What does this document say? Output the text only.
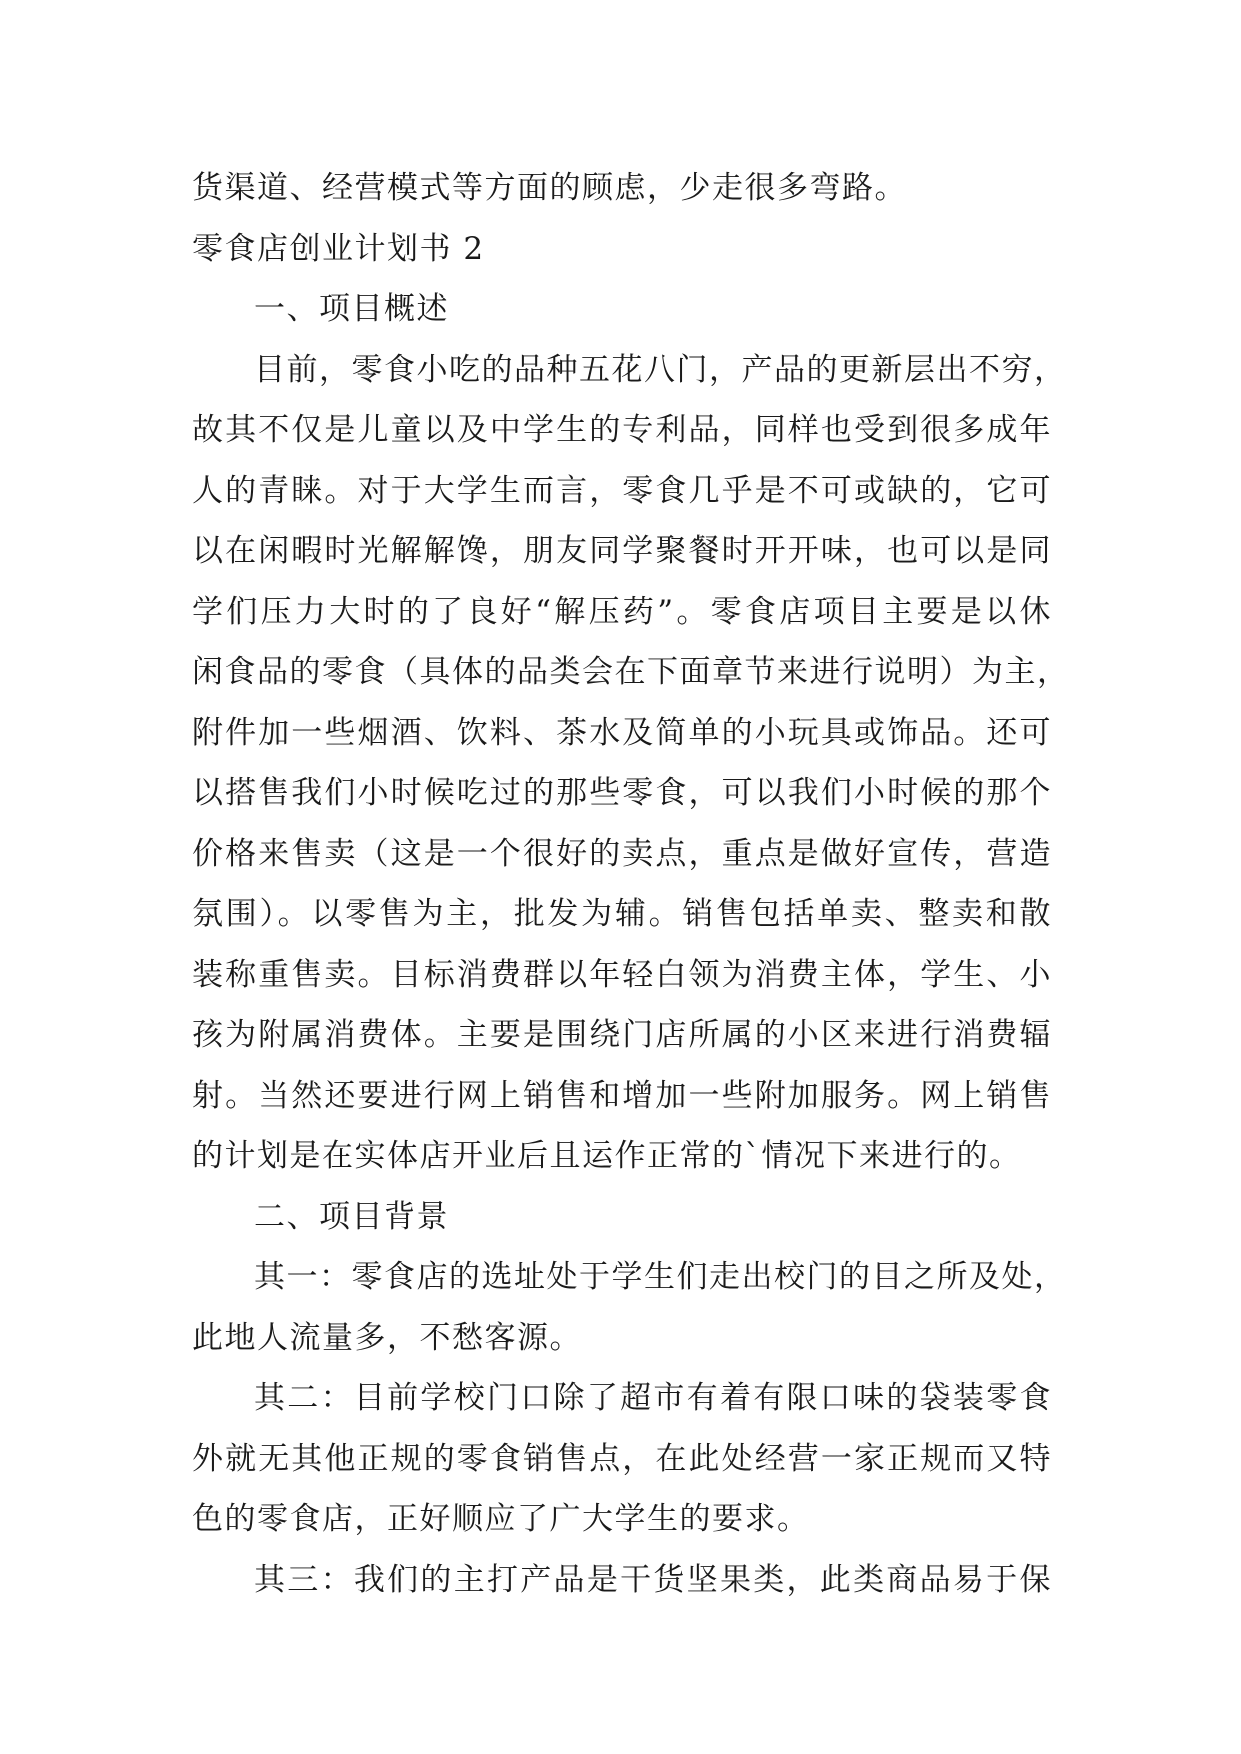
货渠道、经营模式等方面的顾虑，少走很多弯路。
零食店创业计划书 2
一、项目概述
目前，零食小吃的品种五花八门，产品的更新层出不穷，
故其不仅是儿童以及中学生的专利品，同样也受到很多成年
人的青睐。对于大学生而言，零食几乎是不可或缺的，它可
以在闲暇时光解解馋，朋友同学聚餐时开开味，也可以是同
学们压力大时的了良好“解压药”。零食店项目主要是以休
闲食品的零食（具体的品类会在下面章节来进行说明）为主，
附件加一些烟酒、饮料、茶水及简单的小玩具或饰品。还可
以搭售我们小时候吃过的那些零食，可以我们小时候的那个
价格来售卖（这是一个很好的卖点，重点是做好宣传，营造
氛围）。以零售为主，批发为辅。销售包括单卖、整卖和散
装称重售卖。目标消费群以年轻白领为消费主体，学生、小
孩为附属消费体。主要是围绕门店所属的小区来进行消费辐
射。当然还要进行网上销售和增加一些附加服务。网上销售
的计划是在实体店开业后且运作正常的`情况下来进行的。
二、项目背景
其一：零食店的选址处于学生们走出校门的目之所及处，
此地人流量多，不愁客源。
其二：目前学校门口除了超市有着有限口味的袋装零食
外就无其他正规的零食销售点，在此处经营一家正规而又特
色的零食店，正好顺应了广大学生的要求。
其三：我们的主打产品是干货坚果类，此类商品易于保
